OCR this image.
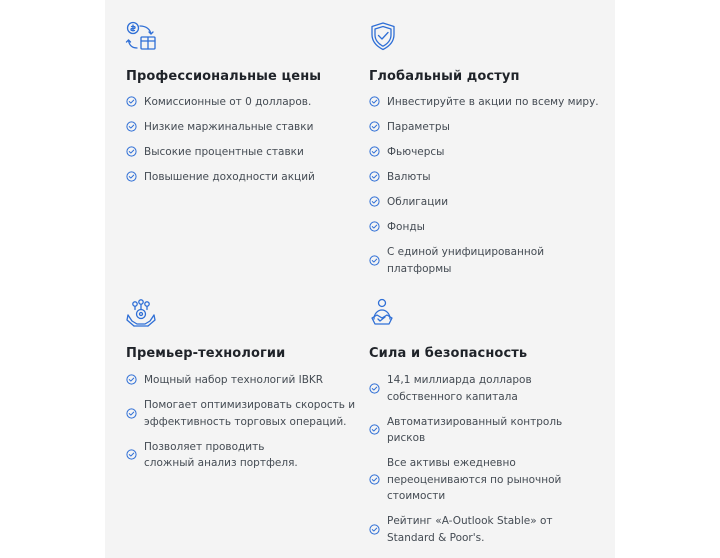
Профессиональные цены
Комиссионные от 0 долларов.
Низкие маржинальные ставки
Высокие процентные ставки
Повышение доходности акций
Глобальный доступ
Инвестируйте в акции по всему миру.
Параметры
Фьючерсы
Валюты
Облигации
Фонды
С единой унифицированной платформы
Премьер-технологии
Мощный набор технологий IBKR
Помогает оптимизировать скорость и эффективность торговых операций.
Позволяет проводить сложный анализ портфеля.
Сила и безопасность
14,1 миллиарда долларов собственного капитала
Автоматизированный контроль рисков
Все активы ежедневно переоцениваются по рыночной стоимости
Рейтинг «A-Outlook Stable» от Standard & Poor's.
